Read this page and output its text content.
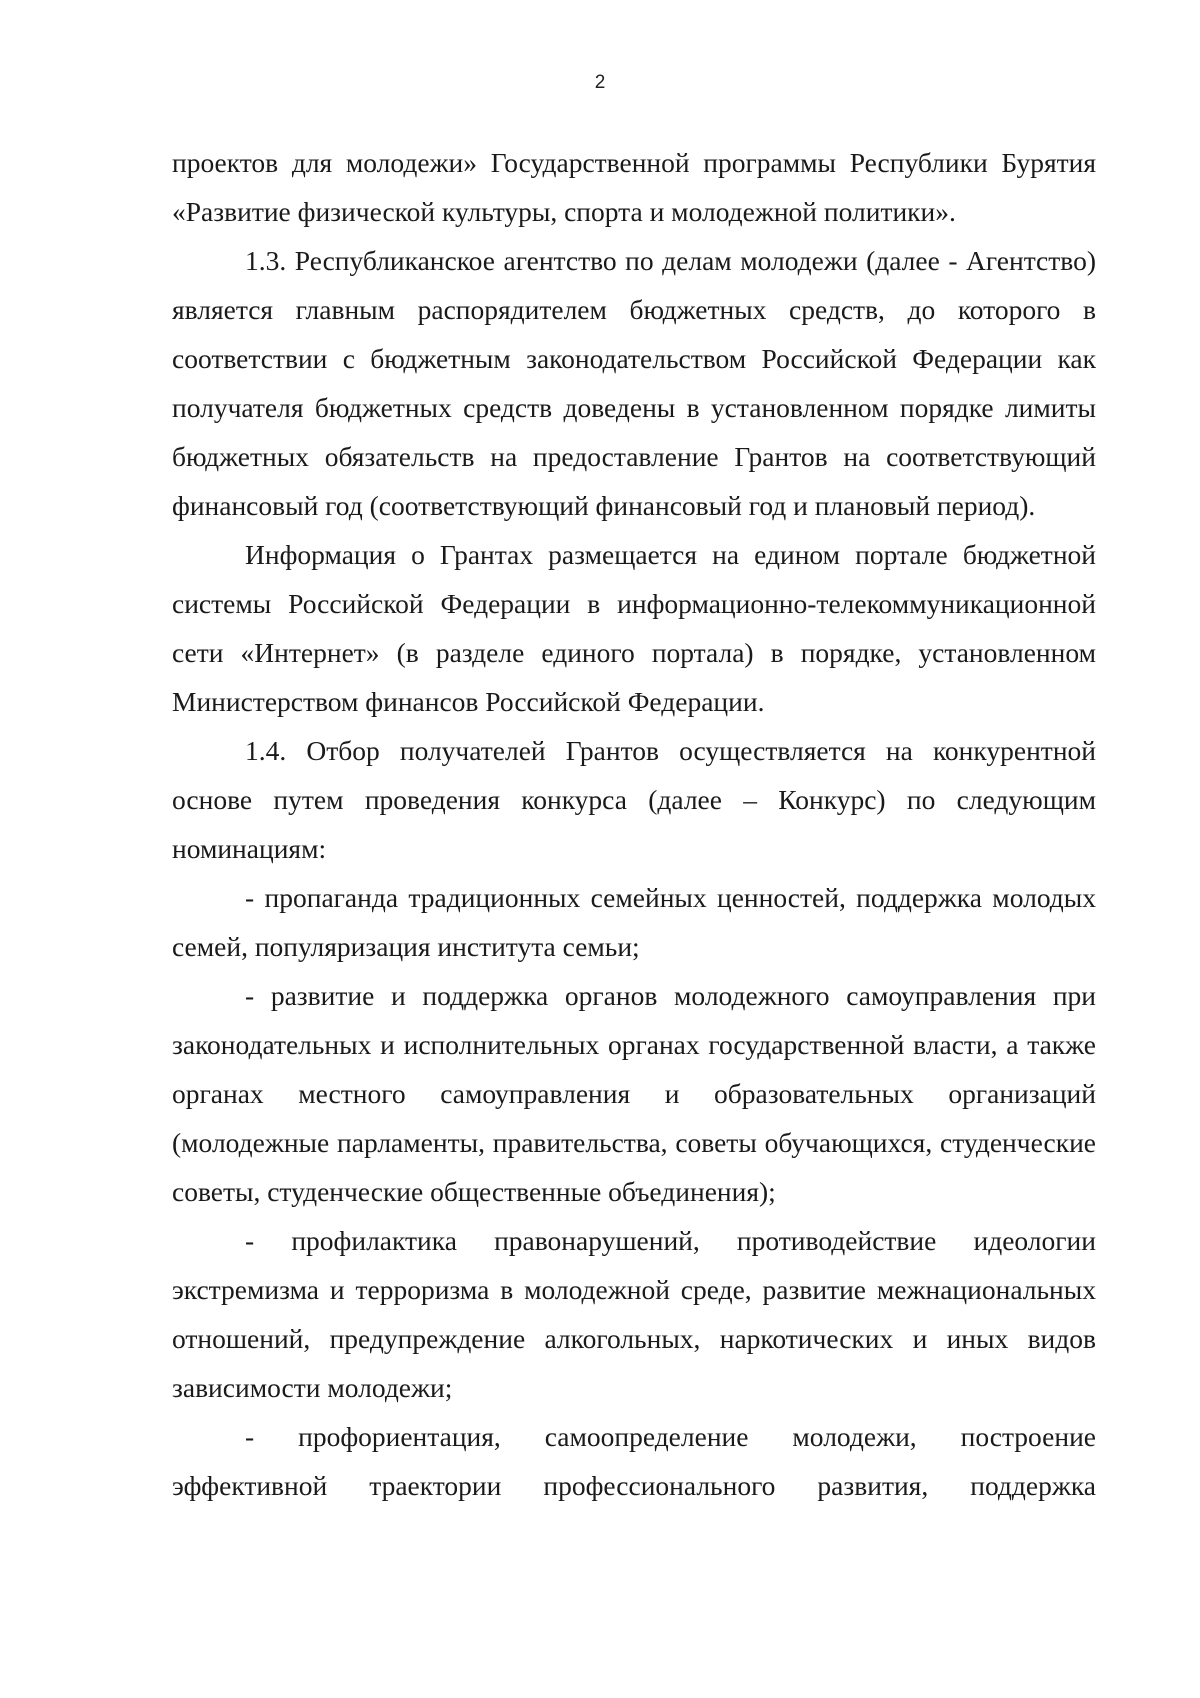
2

проектов для молодежи» Государственной программы Республики Бурятия «Развитие физической культуры, спорта и молодежной политики».

1.3. Республиканское агентство по делам молодежи (далее - Агентство) является главным распорядителем бюджетных средств, до которого в соответствии с бюджетным законодательством Российской Федерации как получателя бюджетных средств доведены в установленном порядке лимиты бюджетных обязательств на предоставление Грантов на соответствующий финансовый год (соответствующий финансовый год и плановый период).

Информация о Грантах размещается на едином портале бюджетной системы Российской Федерации в информационно-телекоммуникационной сети «Интернет» (в разделе единого портала) в порядке, установленном Министерством финансов Российской Федерации.

1.4. Отбор получателей Грантов осуществляется на конкурентной основе путем проведения конкурса (далее – Конкурс) по следующим номинациям:

- пропаганда традиционных семейных ценностей, поддержка молодых семей, популяризация института семьи;

- развитие и поддержка органов молодежного самоуправления при законодательных и исполнительных органах государственной власти, а также органах местного самоуправления и образовательных организаций (молодежные парламенты, правительства, советы обучающихся, студенческие советы, студенческие общественные объединения);

- профилактика правонарушений, противодействие идеологии экстремизма и терроризма в молодежной среде, развитие межнациональных отношений, предупреждение алкогольных, наркотических и иных видов зависимости молодежи;

- профориентация, самоопределение молодежи, построение эффективной траектории профессионального развития, поддержка
